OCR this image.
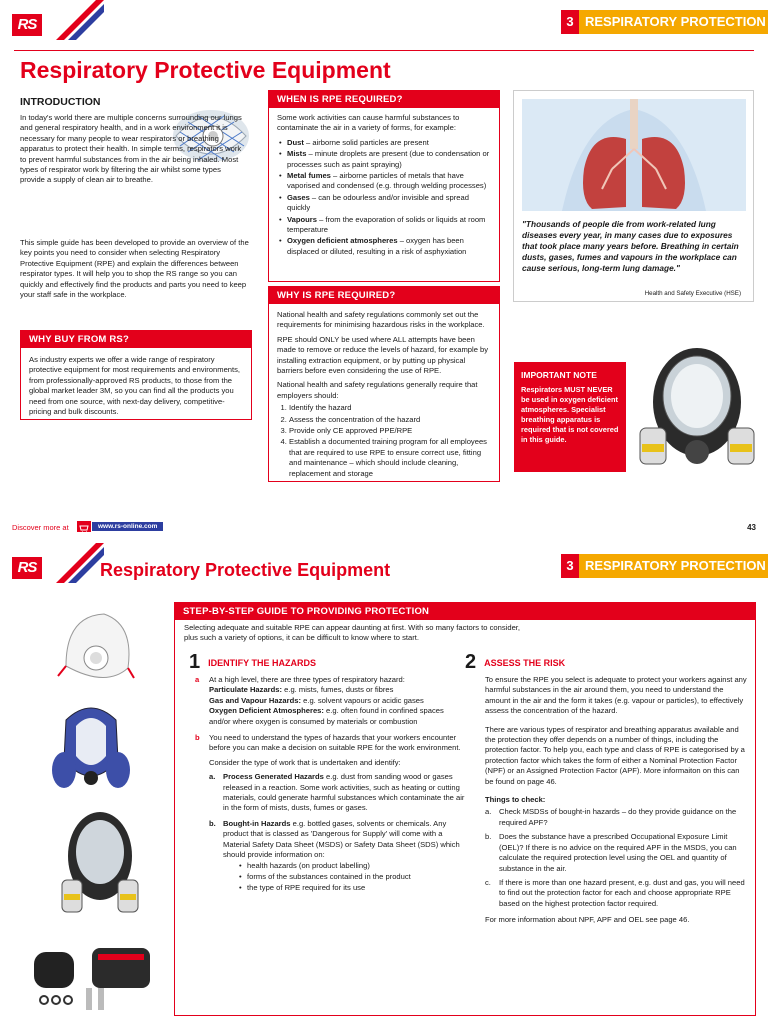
RS	3 RESPIRATORY PROTECTION
Respiratory Protective Equipment
INTRODUCTION

In today's world there are multiple concerns surrounding our lungs and general respiratory health, and in a work environment it is necessary for many people to wear respirators or breathing apparatus to protect their health. In simple terms, respirators work to prevent harmful substances from in the air being inhaled. Most types of respirator work by filtering the air whilst some types provide a supply of clean air to breathe.

This simple guide has been developed to provide an overview of the key points you need to consider when selecting Respiratory Protective Equipment (RPE) and explain the differences between respirator types. It will help you to shop the RS range so you can quickly and effectively find the products and parts you need to keep your staff safe in the workplace.

WHY BUY FROM RS?
As industry experts we offer a wide range of respiratory protective equipment for most requirements and environments, from professionally-approved RS products, to those from the global market leader 3M, so you can find all the products you need from one source, with next-day delivery, competitive-pricing and bulk discounts.
WHEN IS RPE REQUIRED?

Some work activities can cause harmful substances to contaminate the air in a variety of forms, for example:

• Dust – airborne solid particles are present
• Mists – minute droplets are present (due to condensation or processes such as paint spraying)
• Metal fumes – airborne particles of metals that have vaporised and condensed (e.g. through welding processes)
• Gases – can be odourless and/or invisible and spread quickly
• Vapours – from the evaporation of solids or liquids at room temperature
• Oxygen deficient atmospheres – oxygen has been displaced or diluted, resulting in a risk of asphyxiation
WHY IS RPE REQUIRED?

National health and safety regulations commonly set out the requirements for minimising hazardous risks in the workplace.

RPE should ONLY be used where ALL attempts have been made to remove or reduce the levels of hazard, for example by installing extraction equipment, or by putting up physical barriers before even considering the use of RPE.

National health and safety regulations generally require that employers should:

1. Identify the hazard
2. Assess the concentration of the hazard
3. Provide only CE approved PPE/RPE
4. Establish a documented training program for all employees that are required to use RPE to ensure correct use, fitting and maintenance – which should include cleaning, replacement and storage
"Thousands of people die from work-related lung diseases every year, in many cases due to exposures that took place many years before. Breathing in certain dusts, gases, fumes and vapours in the workplace can cause serious, long-term lung damage."
Health and Safety Executive (HSE)
IMPORTANT NOTE
Respirators MUST NEVER be used in oxygen deficient atmospheres. Specialist breathing apparatus is required that is not covered in this guide.
Discover more at	www.rs-online.com	43
RS	Respiratory Protective Equipment	3 RESPIRATORY PROTECTION
STEP-BY-STEP GUIDE TO PROVIDING PROTECTION
Selecting adequate and suitable RPE can appear daunting at first. With so many factors to consider, plus such a variety of options, it can be difficult to know where to start.
1 IDENTIFY THE HAZARDS
a At a high level, there are three types of respiratory hazard:
Particulate Hazards: e.g. mists, fumes, dusts or fibres
Gas and Vapour Hazards: e.g. solvent vapours or acidic gases
Oxygen Deficient Atmospheres: e.g. often found in confined spaces and/or where oxygen is consumed by materials or combustion
b You need to understand the types of hazards that your workers encounter before you can make a decision on suitable RPE for the work environment.

Consider the type of work that is undertaken and identify:

a. Process Generated Hazards e.g. dust from sanding wood or gases released in a reaction. Some work activities, such as heating or cutting materials, could generate harmful substances which contaminate the air in the form of mists, dusts, fumes or gases.
b. Bought-in Hazards e.g. bottled gases, solvents or chemicals. Any product that is classed as 'Dangerous for Supply' will come with a Material Safety Data Sheet (MSDS) or Safety Data Sheet (SDS) which should provide information on:
• health hazards (on product labelling)
• forms of the substances contained in the product
• the type of RPE required for its use
2 ASSESS THE RISK

To ensure the RPE you select is adequate to protect your workers against any harmful substances in the air around them, you need to understand the amount in the air and the form it takes (e.g. vapour or particles), to effectively assess the concentration of the hazard.

There are various types of respirator and breathing apparatus available and the protection they offer depends on a number of things, including the protection factor. To help you, each type and class of RPE is categorised by a protection factor which takes the form of either a Nominal Protection Factor (NPF) or an Assigned Protection Factor (APF). More informaiton on this can be found on page 46.

Things to check:

a. Check MSDSs of bought-in hazards – do they provide guidance on the required APF?
b. Does the substance have a prescribed Occupational Exposure Limit (OEL)? If there is no advice on the required APF in the MSDS, you can calculate the required protection level using the OEL and quantity of substance in the air.
c. If there is more than one hazard present, e.g. dust and gas, you will need to find out the protection factor for each and choose appropriate RPE based on the highest protection factor required.

For more information about NPF, APF and OEL see page 46.
